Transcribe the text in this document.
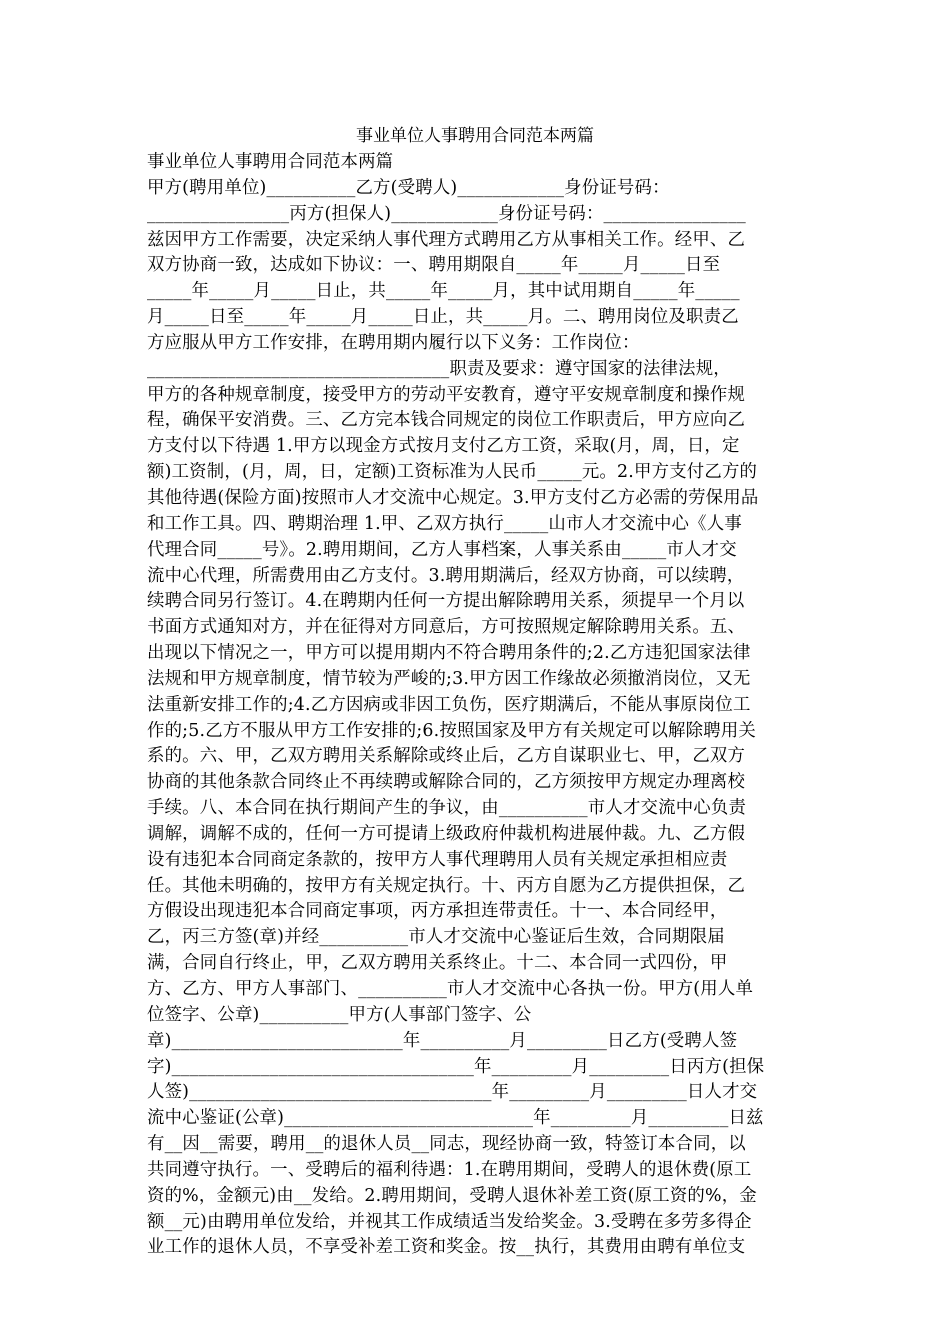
事业单位人事聘用合同范本两篇
事业单位人事聘用合同范本两篇
甲方(聘用单位)__________乙方(受聘人)____________身份证号码：
________________丙方(担保人)____________身份证号码：________________
兹因甲方工作需要，决定采纳人事代理方式聘用乙方从事相关工作。经甲、乙
双方协商一致，达成如下协议：一、聘用期限自_____年_____月_____日至
_____年_____月_____日止，共_____年_____月，其中试用期自_____年_____
月_____日至_____年_____月_____日止，共_____月。二、聘用岗位及职责乙
方应服从甲方工作安排，在聘用期内履行以下义务：工作岗位：
__________________________________职责及要求：遵守国家的法律法规，
甲方的各种规章制度，接受甲方的劳动平安教育，遵守平安规章制度和操作规
程，确保平安消费。三、乙方完本钱合同规定的岗位工作职责后，甲方应向乙
方支付以下待遇 1.甲方以现金方式按月支付乙方工资，采取(月，周，日，定
额)工资制，(月，周，日，定额)工资标准为人民币_____元。2.甲方支付乙方的
其他待遇(保险方面)按照市人才交流中心规定。3.甲方支付乙方必需的劳保用品
和工作工具。四、聘期治理 1.甲、乙双方执行_____山市人才交流中心《人事
代理合同_____号》。2.聘用期间，乙方人事档案，人事关系由_____市人才交
流中心代理，所需费用由乙方支付。3.聘用期满后，经双方协商，可以续聘，
续聘合同另行签订。4.在聘期内任何一方提出解除聘用关系，须提早一个月以
书面方式通知对方，并在征得对方同意后，方可按照规定解除聘用关系。五、
出现以下情况之一，甲方可以提用期内不符合聘用条件的;2.乙方违犯国家法律
法规和甲方规章制度，情节较为严峻的;3.甲方因工作缘故必须撤消岗位，又无
法重新安排工作的;4.乙方因病或非因工负伤，医疗期满后，不能从事原岗位工
作的;5.乙方不服从甲方工作安排的;6.按照国家及甲方有关规定可以解除聘用关
系的。六、甲，乙双方聘用关系解除或终止后，乙方自谋职业七、甲，乙双方
协商的其他条款合同终止不再续聘或解除合同的，乙方须按甲方规定办理离校
手续。八、本合同在执行期间产生的争议，由__________市人才交流中心负责
调解，调解不成的，任何一方可提请上级政府仲裁机构进展仲裁。九、乙方假
设有违犯本合同商定条款的，按甲方人事代理聘用人员有关规定承担相应责
任。其他未明确的，按甲方有关规定执行。十、丙方自愿为乙方提供担保，乙
方假设出现违犯本合同商定事项，丙方承担连带责任。十一、本合同经甲，
乙，丙三方签(章)并经__________市人才交流中心鉴证后生效，合同期限届
满，合同自行终止，甲，乙双方聘用关系终止。十二、本合同一式四份，甲
方、乙方、甲方人事部门、__________市人才交流中心各执一份。甲方(用人单
位签字、公章)__________甲方(人事部门签字、公
章)__________________________年__________月_________日乙方(受聘人签
字)__________________________________年_________月_________日丙方(担保
人签)__________________________________年_________月_________日人才交
流中心鉴证(公章)____________________________年_________月_________日兹
有__因__需要，聘用__的退休人员__同志，现经协商一致，特签订本合同，以
共同遵守执行。一、受聘后的福利待遇：1.在聘用期间，受聘人的退休费(原工
资的%，金额元)由__发给。2.聘用期间，受聘人退休补差工资(原工资的%，金
额__元)由聘用单位发给，并视其工作成绩适当发给奖金。3.受聘在多劳多得企
业工作的退休人员，不享受补差工资和奖金。按__执行，其费用由聘有单位支
